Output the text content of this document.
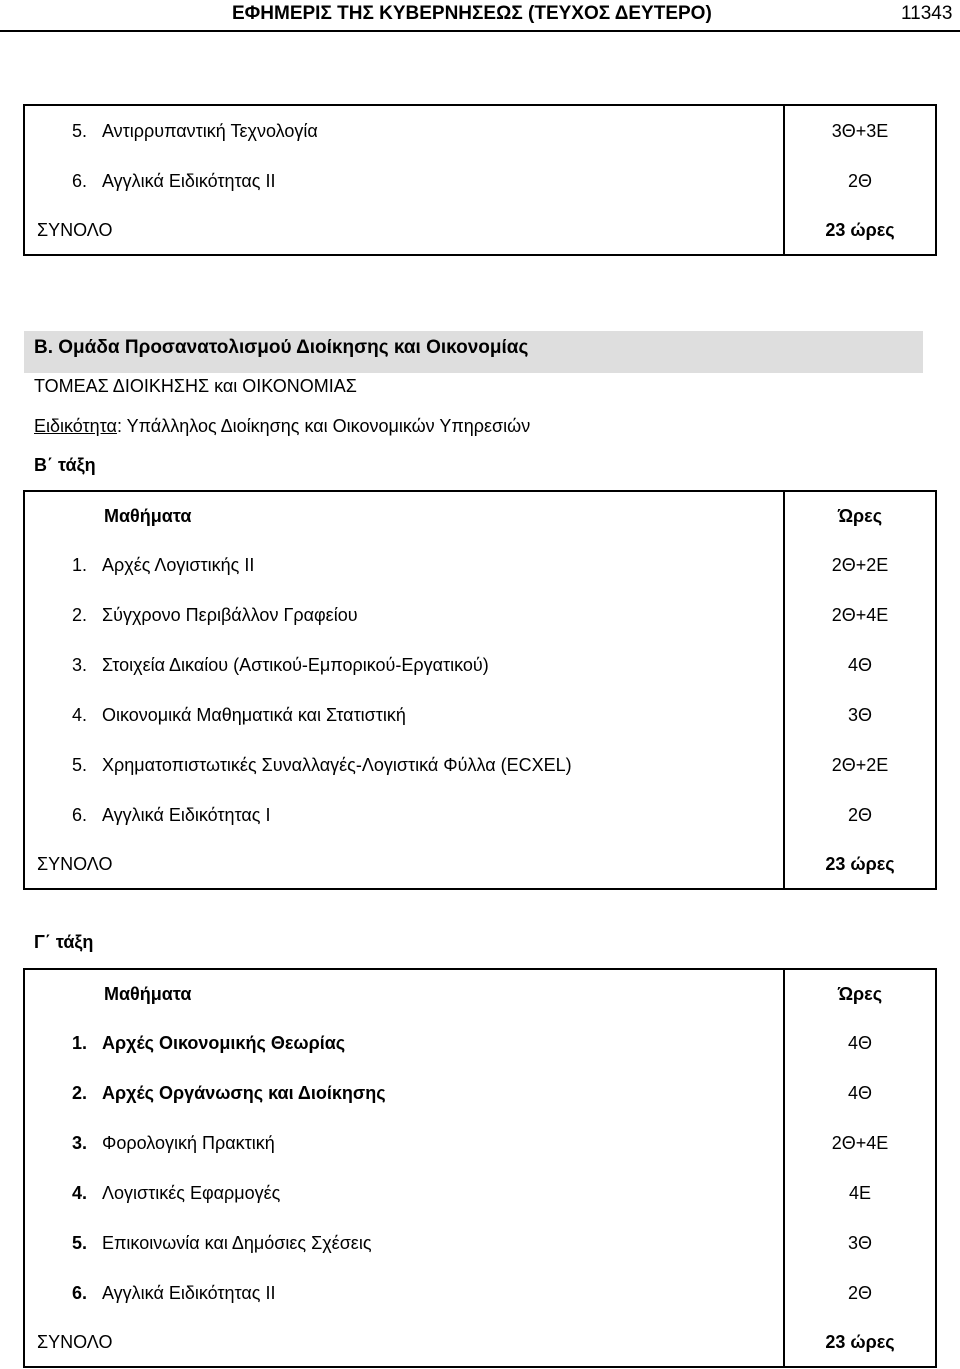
ΕΦΗΜΕΡΙΣ ΤΗΣ ΚΥΒΕΡΝΗΣΕΩΣ (ΤΕΥΧΟΣ ΔΕΥΤΕΡΟ)	11343
5.	Αντιρρυπαντική Τεχνολογία	3Θ+3Ε
6.	Αγγλικά Ειδικότητας ΙΙ	2Θ
ΣΥΝΟΛΟ		23 ώρες
Β. Ομάδα Προσανατολισμού Διοίκησης και Οικονομίας
ΤΟΜΕΑΣ ΔΙΟΙΚΗΣΗΣ και ΟΙΚΟΝΟΜΙΑΣ
Ειδικότητα: Υπάλληλος Διοίκησης και Οικονομικών Υπηρεσιών
Β΄ τάξη
	Μαθήματα	Ώρες
1.	Αρχές Λογιστικής ΙΙ	2Θ+2Ε
2.	Σύγχρονο Περιβάλλον Γραφείου	2Θ+4Ε
3.	Στοιχεία Δικαίου (Αστικού-Εμπορικού-Εργατικού)	4Θ
4.	Οικονομικά Μαθηματικά και Στατιστική	3Θ
5.	Χρηματοπιστωτικές Συναλλαγές-Λογιστικά Φύλλα (ECXEL)	2Θ+2Ε
6.	Αγγλικά Ειδικότητας Ι	2Θ
ΣΥΝΟΛΟ		23 ώρες
Γ΄ τάξη
	Μαθήματα	Ώρες
1.	Αρχές Οικονομικής Θεωρίας	4Θ
2.	Αρχές Οργάνωσης και Διοίκησης	4Θ
3.	Φορολογική Πρακτική	2Θ+4Ε
4.	Λογιστικές Εφαρμογές	4Ε
5.	Επικοινωνία και Δημόσιες Σχέσεις	3Θ
6.	Αγγλικά Ειδικότητας ΙΙ	2Θ
ΣΥΝΟΛΟ		23 ώρες
